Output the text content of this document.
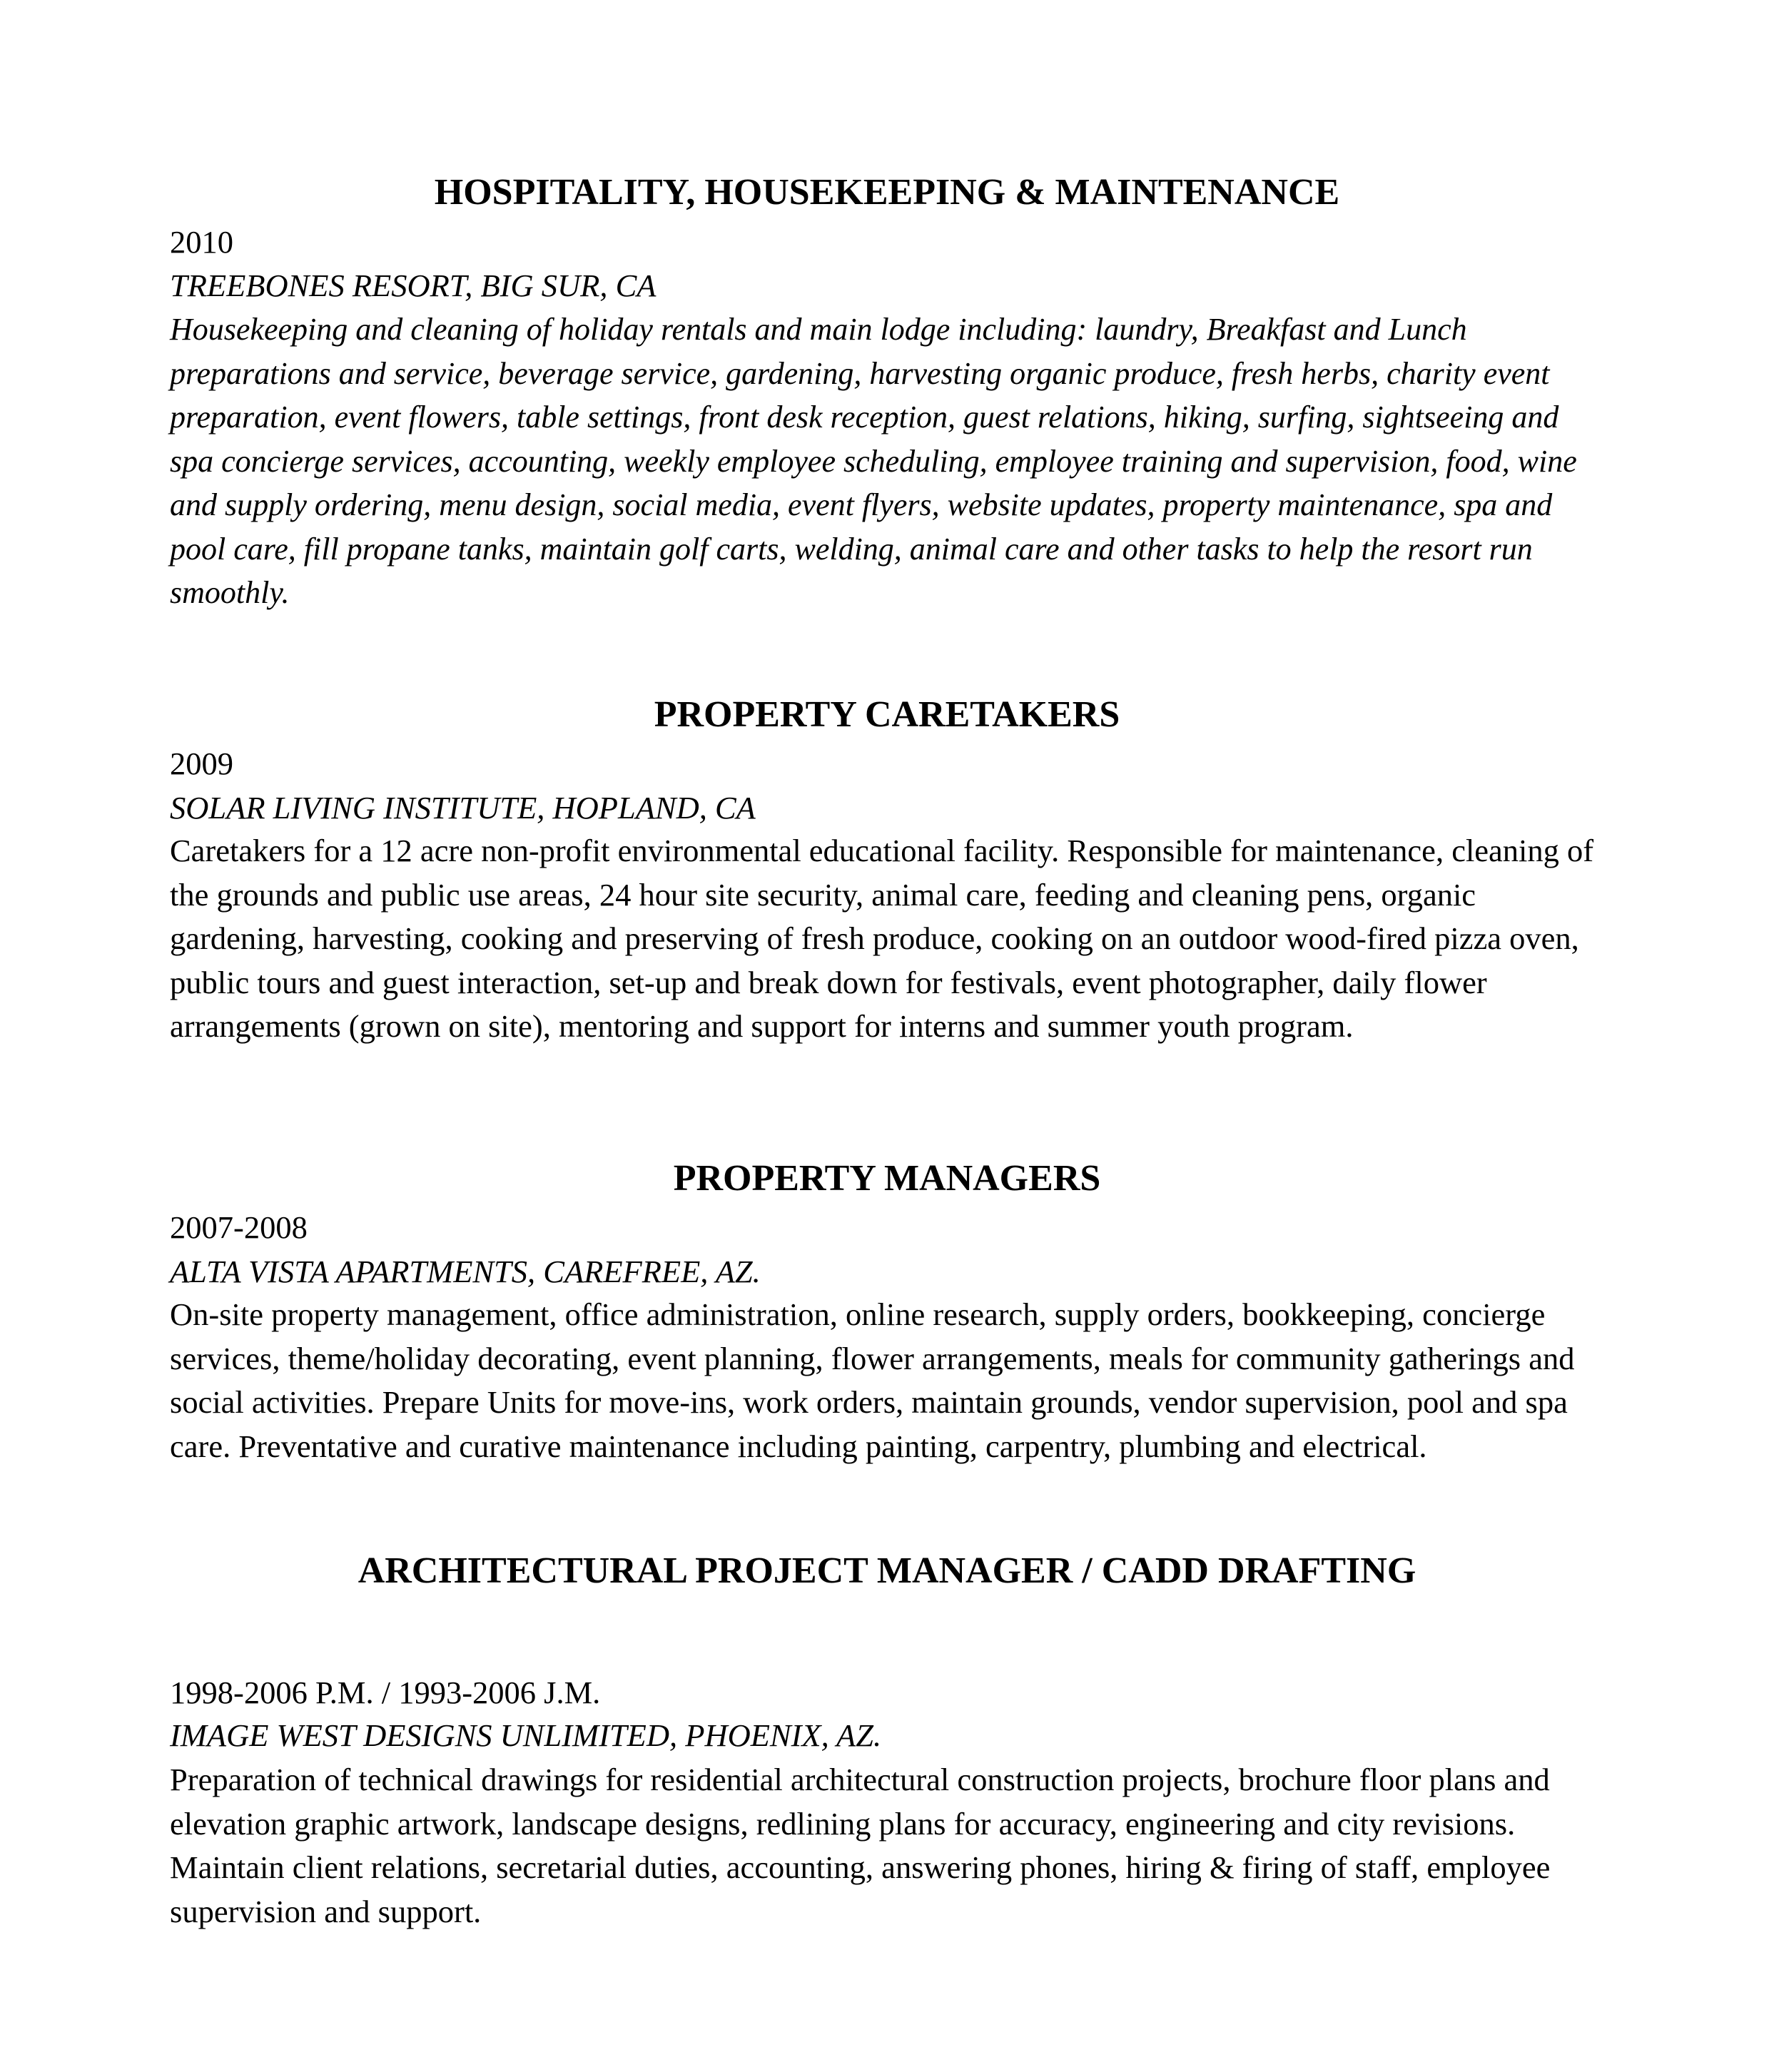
HOSPITALITY, HOUSEKEEPING & MAINTENANCE
2010
TREEBONES RESORT, BIG SUR, CA
Housekeeping and cleaning of holiday rentals and main lodge including: laundry, Breakfast and Lunch preparations and service, beverage service, gardening, harvesting organic produce, fresh herbs, charity event preparation, event flowers, table settings, front desk reception, guest relations, hiking, surfing, sightseeing and spa concierge services, accounting, weekly employee scheduling, employee training and supervision, food, wine and supply ordering, menu design, social media, event flyers, website updates, property maintenance, spa and pool care, fill propane tanks, maintain golf carts, welding, animal care and other tasks to help the resort run smoothly.
PROPERTY CARETAKERS
2009
SOLAR LIVING INSTITUTE, HOPLAND, CA
Caretakers for a 12 acre non-profit environmental educational facility. Responsible for maintenance, cleaning of the grounds and public use areas, 24 hour site security, animal care, feeding and cleaning pens, organic gardening, harvesting, cooking and preserving of fresh produce, cooking on an outdoor wood-fired pizza oven, public tours and guest interaction, set-up and break down for festivals, event photographer, daily flower arrangements (grown on site), mentoring and support for interns and summer youth program.
PROPERTY MANAGERS
2007-2008
ALTA VISTA APARTMENTS, CAREFREE, AZ.
On-site property management, office administration, online research, supply orders, bookkeeping, concierge services, theme/holiday decorating, event planning, flower arrangements, meals for community gatherings and social activities. Prepare Units for move-ins, work orders, maintain grounds, vendor supervision, pool and spa care. Preventative and curative maintenance including painting, carpentry, plumbing and electrical.
ARCHITECTURAL PROJECT MANAGER / CADD DRAFTING
1998-2006 P.M. / 1993-2006 J.M.
IMAGE WEST DESIGNS UNLIMITED, PHOENIX, AZ.
Preparation of technical drawings for residential architectural construction projects, brochure floor plans and elevation graphic artwork, landscape designs, redlining plans for accuracy, engineering and city revisions. Maintain client relations, secretarial duties, accounting, answering phones, hiring & firing of staff, employee supervision and support.
